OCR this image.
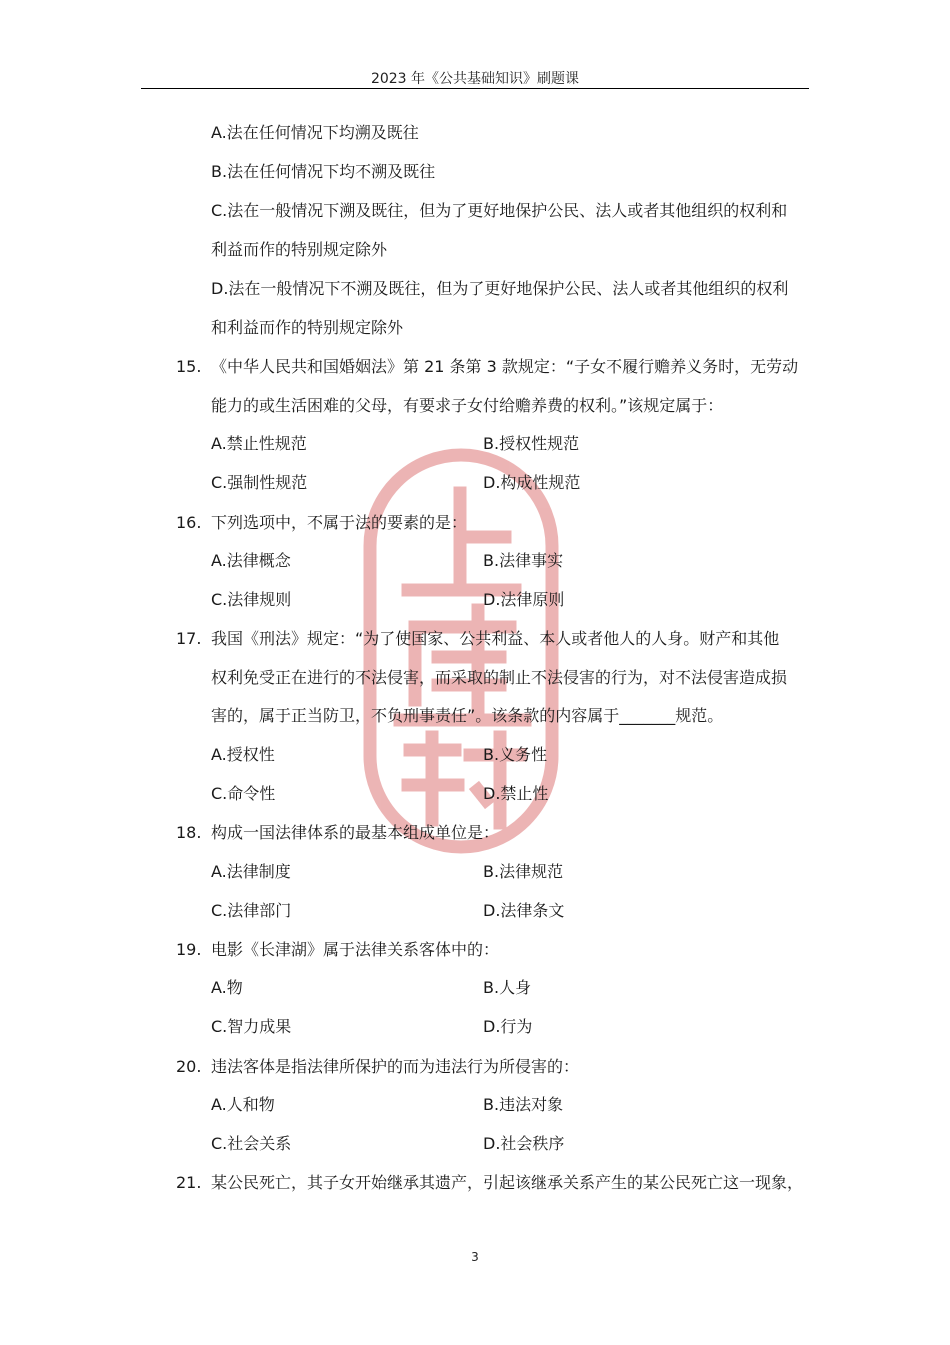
2023 年《公共基础知识》刷题课
A.法在任何情况下均溯及既往
B.法在任何情况下均不溯及既往
C.法在一般情况下溯及既往，但为了更好地保护公民、法人或者其他组织的权利和
利益而作的特别规定除外
D.法在一般情况下不溯及既往，但为了更好地保护公民、法人或者其他组织的权利
和利益而作的特别规定除外
15. 《中华人民共和国婚姻法》第 21 条第 3 款规定：“子女不履行赡养义务时，无劳动
能力的或生活困难的父母，有要求子女付给赡养费的权利。”该规定属于：
A.禁止性规范	B.授权性规范
C.强制性规范	D.构成性规范
16. 下列选项中，不属于法的要素的是：
A.法律概念	B.法律事实
C.法律规则	D.法律原则
17. 我国《刑法》规定：“为了使国家、公共利益、本人或者他人的人身。财产和其他
权利免受正在进行的不法侵害，而采取的制止不法侵害的行为，对不法侵害造成损
害的，属于正当防卫，不负刑事责任”。该条款的内容属于_______规范。
A.授权性	B.义务性
C.命令性	D.禁止性
18. 构成一国法律体系的最基本组成单位是：
A.法律制度	B.法律规范
C.法律部门	D.法律条文
19. 电影《长津湖》属于法律关系客体中的：
A.物	B.人身
C.智力成果	D.行为
20. 违法客体是指法律所保护的而为违法行为所侵害的：
A.人和物	B.违法对象
C.社会关系	D.社会秩序
21. 某公民死亡，其子女开始继承其遗产，引起该继承关系产生的某公民死亡这一现象，
3
